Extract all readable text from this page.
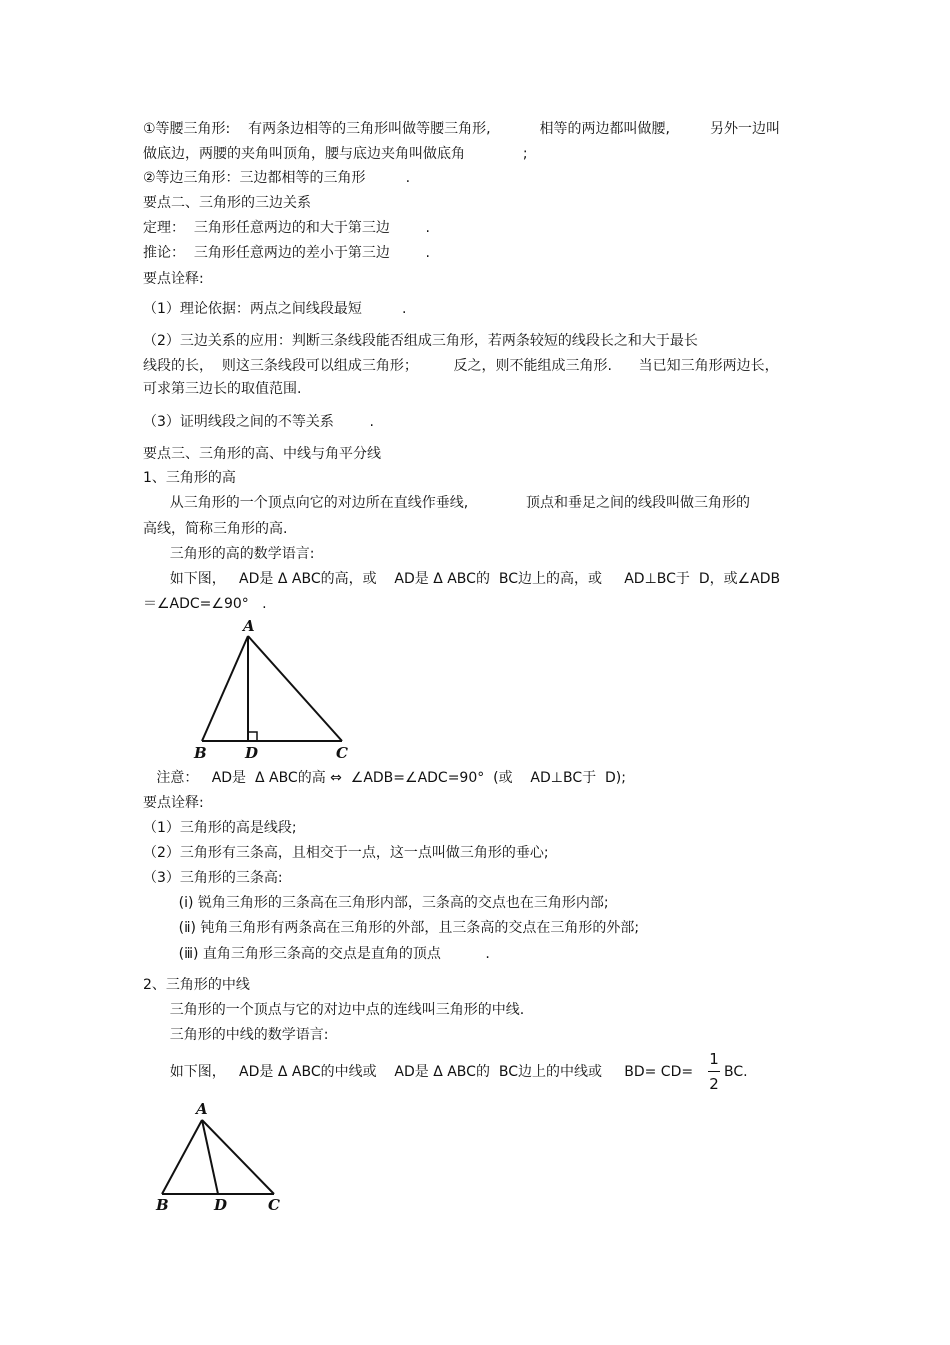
①等腰三角形:    有两条边相等的三角形叫做等腰三角形,           相等的两边都叫做腰,         另外一边叫
做底边，两腰的夹角叫顶角，腰与底边夹角叫做底角             ;
②等边三角形：三边都相等的三角形         .
要点二、三角形的三边关系
定理：  三角形任意两边的和大于第三边        .
推论：  三角形任意两边的差小于第三边        .
要点诠释:
（1）理论依据：两点之间线段最短         .
（2）三边关系的应用：判断三条线段能否组成三角形，若两条较短的线段长之和大于最长
线段的长，  则这三条线段可以组成三角形；        反之，则不能组成三角形.      当已知三角形两边长，
可求第三边长的取值范围.
（3）证明线段之间的不等关系        .
要点三、三角形的高、中线与角平分线
1、三角形的高
从三角形的一个顶点向它的对边所在直线作垂线,             顶点和垂足之间的线段叫做三角形的
高线，简称三角形的高.
三角形的高的数学语言:
如下图，   AD是 Δ ABC的高，或    AD是 Δ ABC的  BC边上的高，或     AD⊥BC于  D，或∠ADB
＝∠ADC=∠90°   .
A
B	D	C
注意：   AD是  Δ ABC的高 ⇔  ∠ADB=∠ADC=90°  (或    AD⊥BC于  D);
要点诠释:
（1）三角形的高是线段;
（2）三角形有三条高，且相交于一点，这一点叫做三角形的垂心;
（3）三角形的三条高:
(ⅰ) 锐角三角形的三条高在三角形内部，三条高的交点也在三角形内部;
(ⅱ) 钝角三角形有两条高在三角形的外部，且三条高的交点在三角形的外部;
(ⅲ) 直角三角形三条高的交点是直角的顶点          .
2、三角形的中线
三角形的一个顶点与它的对边中点的连线叫三角形的中线.
三角形的中线的数学语言:
如下图，   AD是 Δ ABC的中线或    AD是 Δ ABC的  BC边上的中线或     BD= CD=
1
2
BC.
A
B	D	C
